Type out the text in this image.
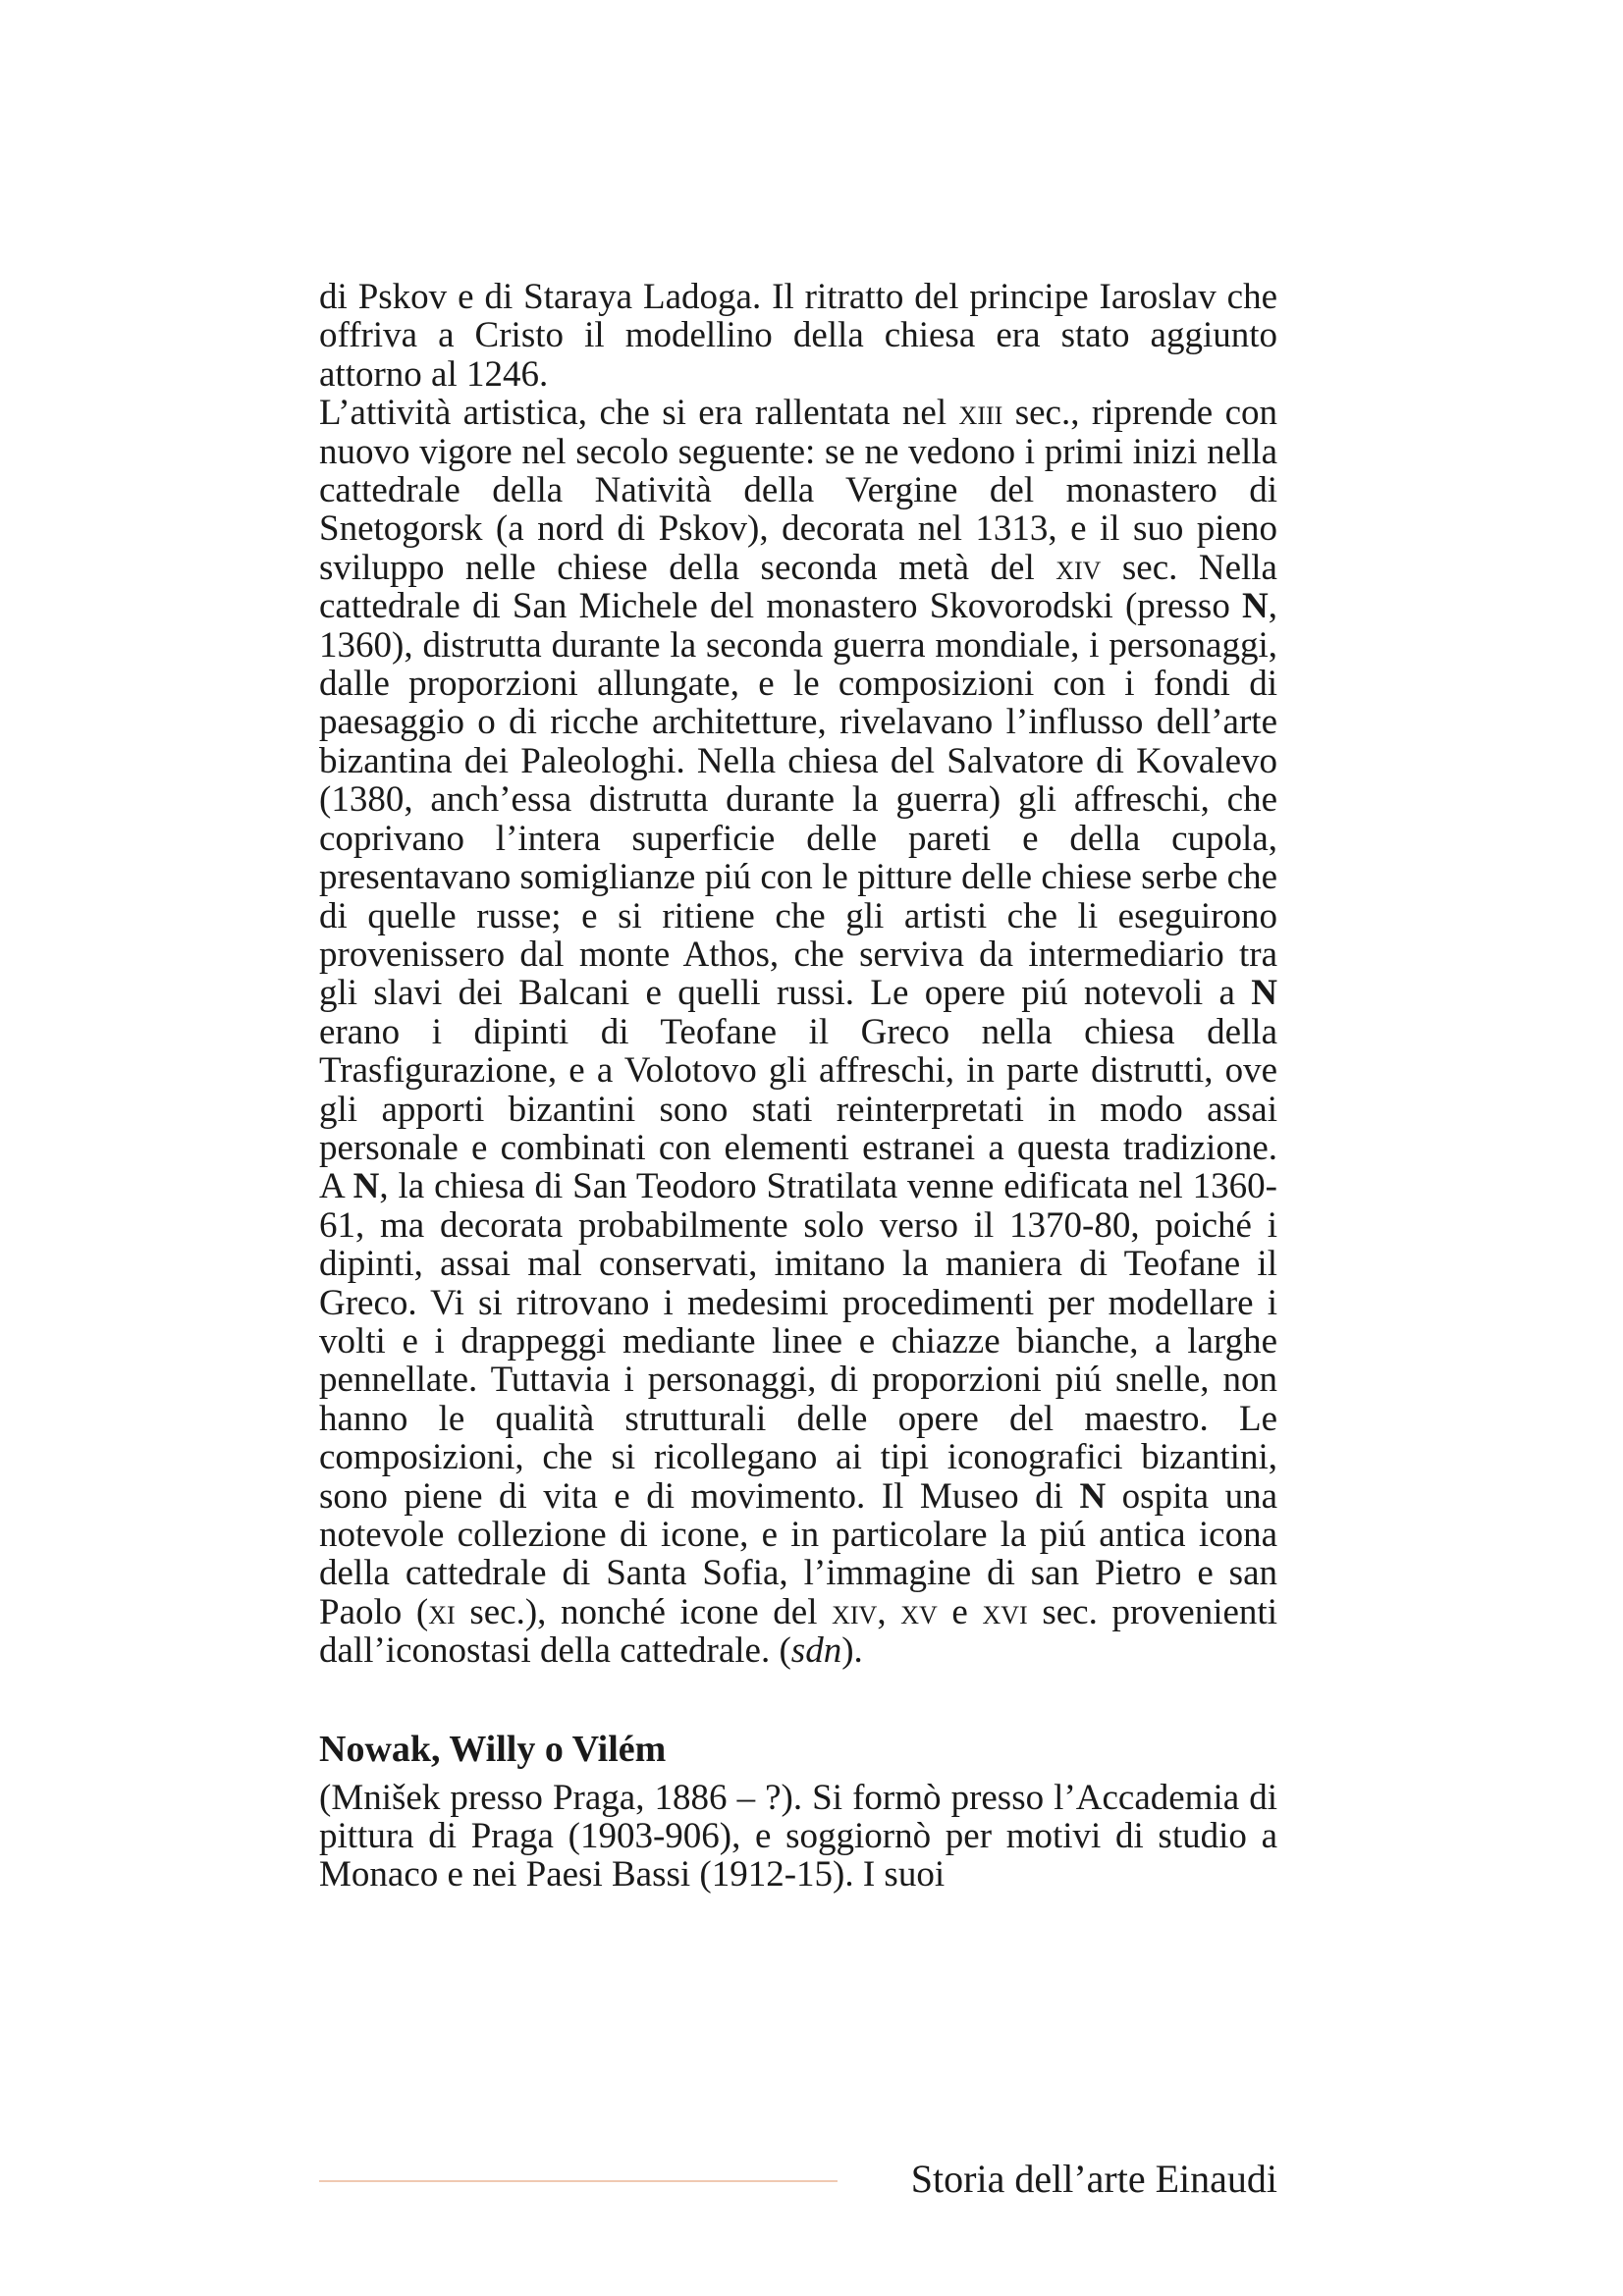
di Pskov e di Staraya Ladoga. Il ritratto del principe Iaroslav che offriva a Cristo il modellino della chiesa era stato aggiunto attorno al 1246.

L’attività artistica, che si era rallentata nel xiii sec., riprende con nuovo vigore nel secolo seguente: se ne vedono i primi inizi nella cattedrale della Natività della Vergine del monastero di Snetogorsk (a nord di Pskov), decorata nel 1313, e il suo pieno sviluppo nelle chiese della seconda metà del xiv sec. Nella cattedrale di San Michele del monastero Skovorodski (presso N, 1360), distrutta durante la seconda guerra mondiale, i personaggi, dalle proporzioni allungate, e le composizioni con i fondi di paesaggio o di ricche architetture, rivelavano l’influsso dell’arte bizantina dei Paleologhi. Nella chiesa del Salvatore di Kovalevo (1380, anch’essa distrutta durante la guerra) gli affreschi, che coprivano l’intera superficie delle pareti e della cupola, presentavano somiglianze piú con le pitture delle chiese serbe che di quelle russe; e si ritiene che gli artisti che li eseguirono provenissero dal monte Athos, che serviva da intermediario tra gli slavi dei Balcani e quelli russi. Le opere piú notevoli a N erano i dipinti di Teofane il Greco nella chiesa della Trasfigurazione, e a Volotovo gli affreschi, in parte distrutti, ove gli apporti bizantini sono stati reinterpretati in modo assai personale e combinati con elementi estranei a questa tradizione. A N, la chiesa di San Teodoro Stratilata venne edificata nel 1360-61, ma decorata probabilmente solo verso il 1370-80, poiché i dipinti, assai mal conservati, imitano la maniera di Teofane il Greco. Vi si ritrovano i medesimi procedimenti per modellare i volti e i drappeggi mediante linee e chiazze bianche, a larghe pennellate. Tuttavia i personaggi, di proporzioni piú snelle, non hanno le qualità strutturali delle opere del maestro. Le composizioni, che si ricollegano ai tipi iconografici bizantini, sono piene di vita e di movimento. Il Museo di N ospita una notevole collezione di icone, e in particolare la piú antica icona della cattedrale di Santa Sofia, l’immagine di san Pietro e san Paolo (xi sec.), nonché icone del xiv, xv e xvi sec. provenienti dall’iconostasi della cattedrale. (sdn).

Nowak, Willy o Vilém

(Mnišek presso Praga, 1886 – ?). Si formò presso l’Accademia di pittura di Praga (1903-906), e soggiornò per motivi di studio a Monaco e nei Paesi Bassi (1912-15). I suoi

Storia dell’arte Einaudi
